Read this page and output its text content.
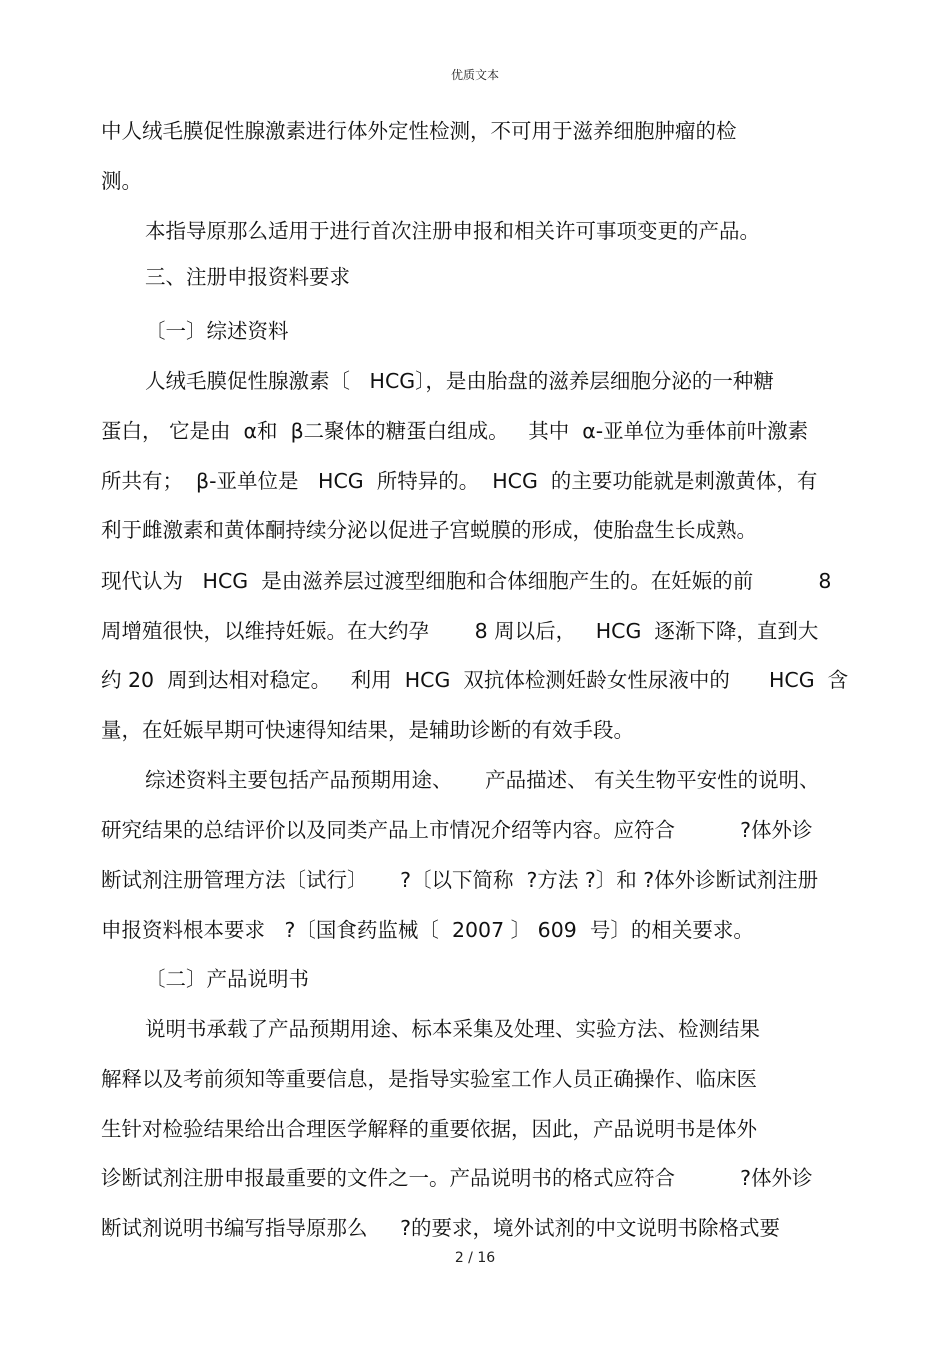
优质文本
中人绒毛膜促性腺激素进行体外定性检测，不可用于滋养细胞肿瘤的检
测。
本指导原那么适用于进行首次注册申报和相关许可事项变更的产品。
三、注册申报资料要求
〔一〕综述资料
人绒毛膜促性腺激素〔   HCG〕，是由胎盘的滋养层细胞分泌的一种糖
蛋白， 它是由  α和  β二聚体的糖蛋白组成。   其中  α-亚单位为垂体前叶激素
所共有；  β-亚单位是   HCG  所特异的。  HCG  的主要功能就是刺激黄体，有
利于雌激素和黄体酮持续分泌以促进子宫蜕膜的形成，使胎盘生长成熟。
现代认为   HCG  是由滋养层过渡型细胞和合体细胞产生的。在妊娠的前          8
周增殖很快，以维持妊娠。在大约孕       8 周以后，   HCG  逐渐下降，直到大
约 20  周到达相对稳定。   利用  HCG  双抗体检测妊龄女性尿液中的      HCG  含
量，在妊娠早期可快速得知结果，是辅助诊断的有效手段。
综述资料主要包括产品预期用途、     产品描述、 有关生物平安性的说明、
研究结果的总结评价以及同类产品上市情况介绍等内容。应符合          ?体外诊
断试剂注册管理方法〔试行〕     ?〔以下简称  ?方法 ?〕和 ?体外诊断试剂注册
申报资料根本要求   ?〔国食药监械〔  2007 〕 609  号〕的相关要求。
〔二〕产品说明书
说明书承载了产品预期用途、标本采集及处理、实验方法、检测结果
解释以及考前须知等重要信息，是指导实验室工作人员正确操作、临床医
生针对检验结果给出合理医学解释的重要依据，因此，产品说明书是体外
诊断试剂注册申报最重要的文件之一。产品说明书的格式应符合          ?体外诊
断试剂说明书编写指导原那么     ?的要求，境外试剂的中文说明书除格式要
2 / 16
